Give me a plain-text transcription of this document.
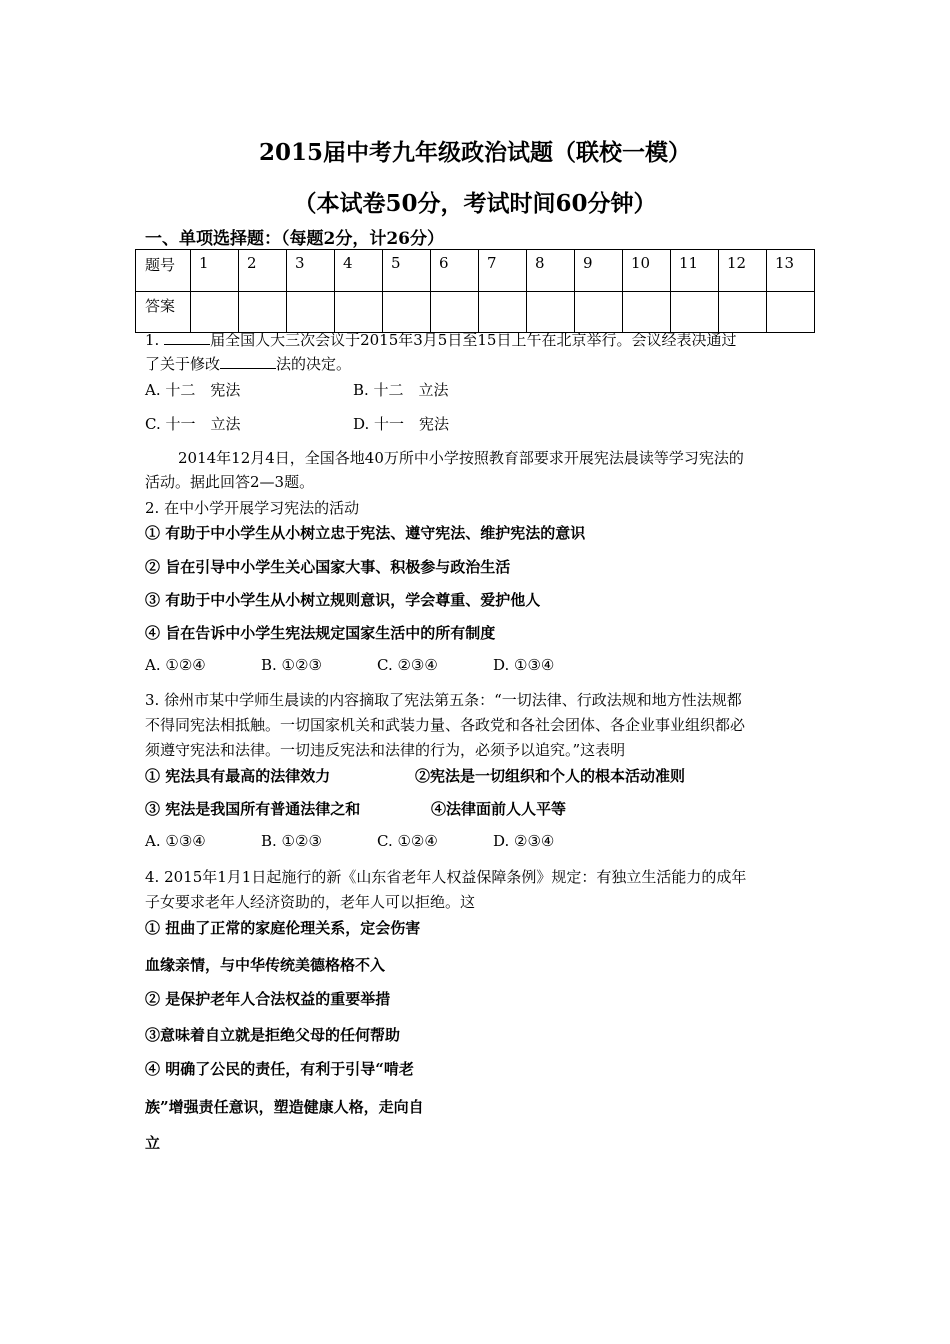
2015届中考九年级政治试题（联校一模）
（本试卷50分，考试时间60分钟）
一、单项选择题：（每题2分，计26分）
题号	1	2	3	4	5	6	7	8	9	10	11	12	13
答案													
1.	届全国人大三次会议于2015年3月5日至15日上午在北京举行。会议经表决通过
了关于修改	法的决定。
A. 十二　宪法	B. 十二　立法
C. 十一　立法	D. 十一　宪法
2014年12月4日，全国各地40万所中小学按照教育部要求开展宪法晨读等学习宪法的
活动。据此回答2—3题。
2. 在中小学开展学习宪法的活动
① 有助于中小学生从小树立忠于宪法、遵守宪法、维护宪法的意识
② 旨在引导中小学生关心国家大事、积极参与政治生活
③ 有助于中小学生从小树立规则意识，学会尊重、爱护他人
④ 旨在告诉中小学生宪法规定国家生活中的所有制度
A. ①②④	B. ①②③	C. ②③④	D. ①③④
3. 徐州市某中学师生晨读的内容摘取了宪法第五条：“一切法律、行政法规和地方性法规都
不得同宪法相抵触。一切国家机关和武装力量、各政党和各社会团体、各企业事业组织都必
须遵守宪法和法律。一切违反宪法和法律的行为，必须予以追究。”这表明
① 宪法具有最高的法律效力	②宪法是一切组织和个人的根本活动准则
③ 宪法是我国所有普通法律之和	④法律面前人人平等
A. ①③④	B. ①②③	C. ①②④	D. ②③④
4. 2015年1月1日起施行的新《山东省老年人权益保障条例》规定：有独立生活能力的成年
子女要求老年人经济资助的，老年人可以拒绝。这
① 扭曲了正常的家庭伦理关系，定会伤害
血缘亲情，与中华传统美德格格不入
② 是保护老年人合法权益的重要举措
③意味着自立就是拒绝父母的任何帮助
④ 明确了公民的责任，有利于引导“啃老
族”增强责任意识，塑造健康人格，走向自
立
